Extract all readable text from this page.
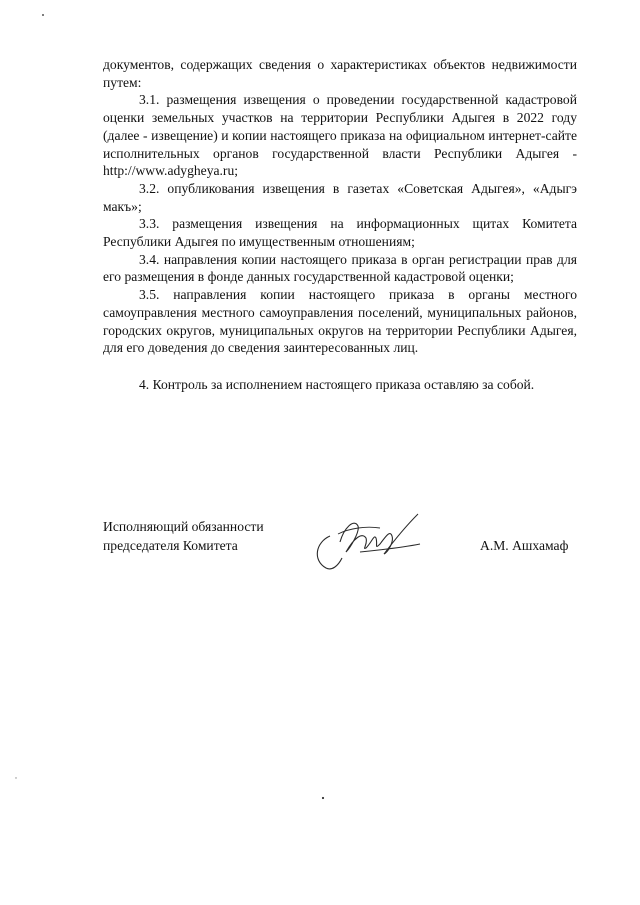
документов, содержащих сведения о характеристиках объектов недвижимости путем:

3.1. размещения извещения о проведении государственной кадастровой оценки земельных участков на территории Республики Адыгея в 2022 году (далее - извещение) и копии настоящего приказа на официальном интернет-сайте исполнительных органов государственной власти Республики Адыгея - http://www.adygheya.ru;

3.2. опубликования извещения в газетах «Советская Адыгея», «Адыгэ макъ»;

3.3. размещения извещения на информационных щитах Комитета Республики Адыгея по имущественным отношениям;

3.4. направления копии настоящего приказа в орган регистрации прав для его размещения в фонде данных государственной кадастровой оценки;

3.5. направления копии настоящего приказа в органы местного самоуправления местного самоуправления поселений, муниципальных районов, городских округов, муниципальных округов на территории Республики Адыгея, для его доведения до сведения заинтересованных лиц.

4. Контроль за исполнением настоящего приказа оставляю за собой.

Исполняющий обязанности
председателя Комитета	А.М. Ашхамаф
